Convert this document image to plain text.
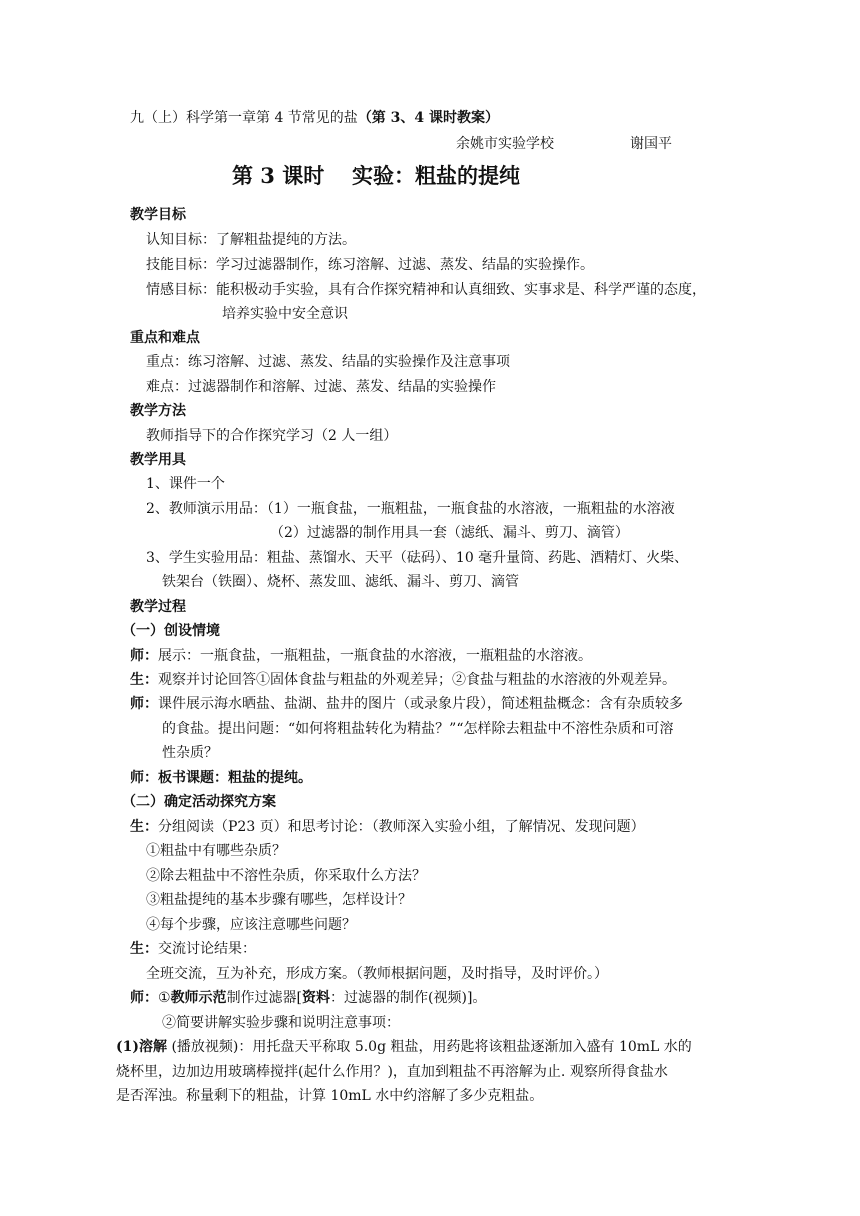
九（上）科学第一章第 4 节常见的盐（第 3、4 课时教案）
余姚市实验学校	谢国平
第 3 课时 实验：粗盐的提纯
教学目标
认知目标：了解粗盐提纯的方法。
技能目标：学习过滤器制作，练习溶解、过滤、蒸发、结晶的实验操作。
情感目标：能积极动手实验，具有合作探究精神和认真细致、实事求是、科学严谨的态度，
培养实验中安全意识
重点和难点
重点：练习溶解、过滤、蒸发、结晶的实验操作及注意事项
难点：过滤器制作和溶解、过滤、蒸发、结晶的实验操作
教学方法
教师指导下的合作探究学习（2 人一组）
教学用具
1、课件一个
2、教师演示用品：（1）一瓶食盐，一瓶粗盐，一瓶食盐的水溶液，一瓶粗盐的水溶液
（2）过滤器的制作用具一套（滤纸、漏斗、剪刀、滴管）
3、学生实验用品：粗盐、蒸馏水、天平（砝码）、10 毫升量筒、药匙、酒精灯、火柴、
铁架台（铁圈）、烧杯、蒸发皿、滤纸、漏斗、剪刀、滴管
教学过程
（一）创设情境
师：展示：一瓶食盐，一瓶粗盐，一瓶食盐的水溶液，一瓶粗盐的水溶液。
生：观察并讨论回答①固体食盐与粗盐的外观差异；②食盐与粗盐的水溶液的外观差异。
师：课件展示海水晒盐、盐湖、盐井的图片（或录象片段），简述粗盐概念：含有杂质较多
的食盐。提出问题：“如何将粗盐转化为精盐？”“怎样除去粗盐中不溶性杂质和可溶
性杂质？
师：板书课题：粗盐的提纯。
（二）确定活动探究方案
生：分组阅读（P23 页）和思考讨论：（教师深入实验小组，了解情况、发现问题）
①粗盐中有哪些杂质？
②除去粗盐中不溶性杂质，你采取什么方法？
③粗盐提纯的基本步骤有哪些，怎样设计？
④每个步骤，应该注意哪些问题？
生：交流讨论结果：
全班交流，互为补充，形成方案。（教师根据问题，及时指导，及时评价。）
师：①教师示范制作过滤器[资料：过滤器的制作(视频)]。
②简要讲解实验步骤和说明注意事项：
(1)溶解 (播放视频)：用托盘天平称取 5.0g 粗盐，用药匙将该粗盐逐渐加入盛有 10mL 水的
烧杯里，边加边用玻璃棒搅拌(起什么作用？)，直加到粗盐不再溶解为止. 观察所得食盐水
是否浑浊。称量剩下的粗盐，计算 10mL 水中约溶解了多少克粗盐。
